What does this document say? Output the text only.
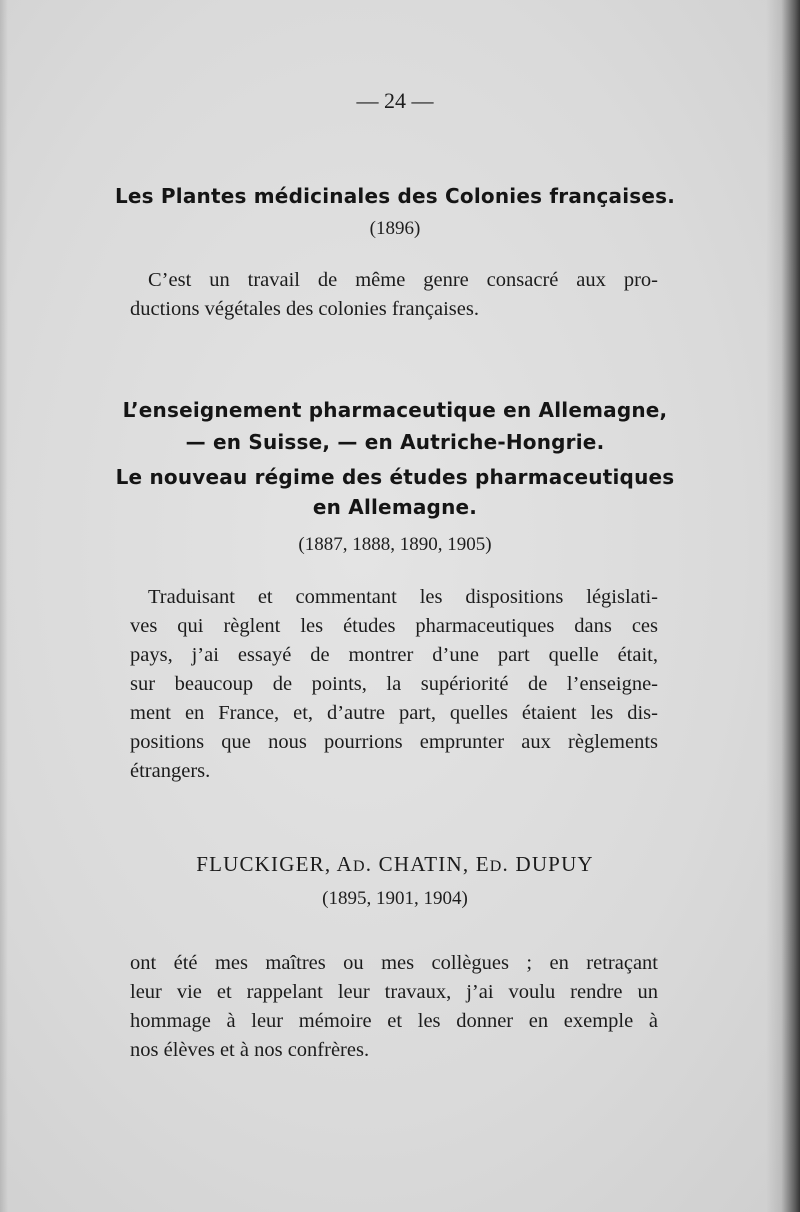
— 24 —
Les Plantes médicinales des Colonies françaises.
(1896)
C’est un travail de même genre consacré aux pro-
ductions végétales des colonies françaises.
L’enseignement pharmaceutique en Allemagne,
— en Suisse, — en Autriche-Hongrie.
Le nouveau régime des études pharmaceutiques
en Allemagne.
(1887, 1888, 1890, 1905)
Traduisant et commentant les dispositions législati-
ves qui règlent les études pharmaceutiques dans ces
pays, j’ai essayé de montrer d’une part quelle était,
sur beaucoup de points, la supériorité de l’enseigne-
ment en France, et, d’autre part, quelles étaient les dis-
positions que nous pourrions emprunter aux règlements
étrangers.
FLUCKIGER, AD. CHATIN, ED. DUPUY
(1895, 1901, 1904)
ont été mes maîtres ou mes collègues ; en retraçant
leur vie et rappelant leur travaux, j’ai voulu rendre un
hommage à leur mémoire et les donner en exemple à
nos élèves et à nos confrères.
